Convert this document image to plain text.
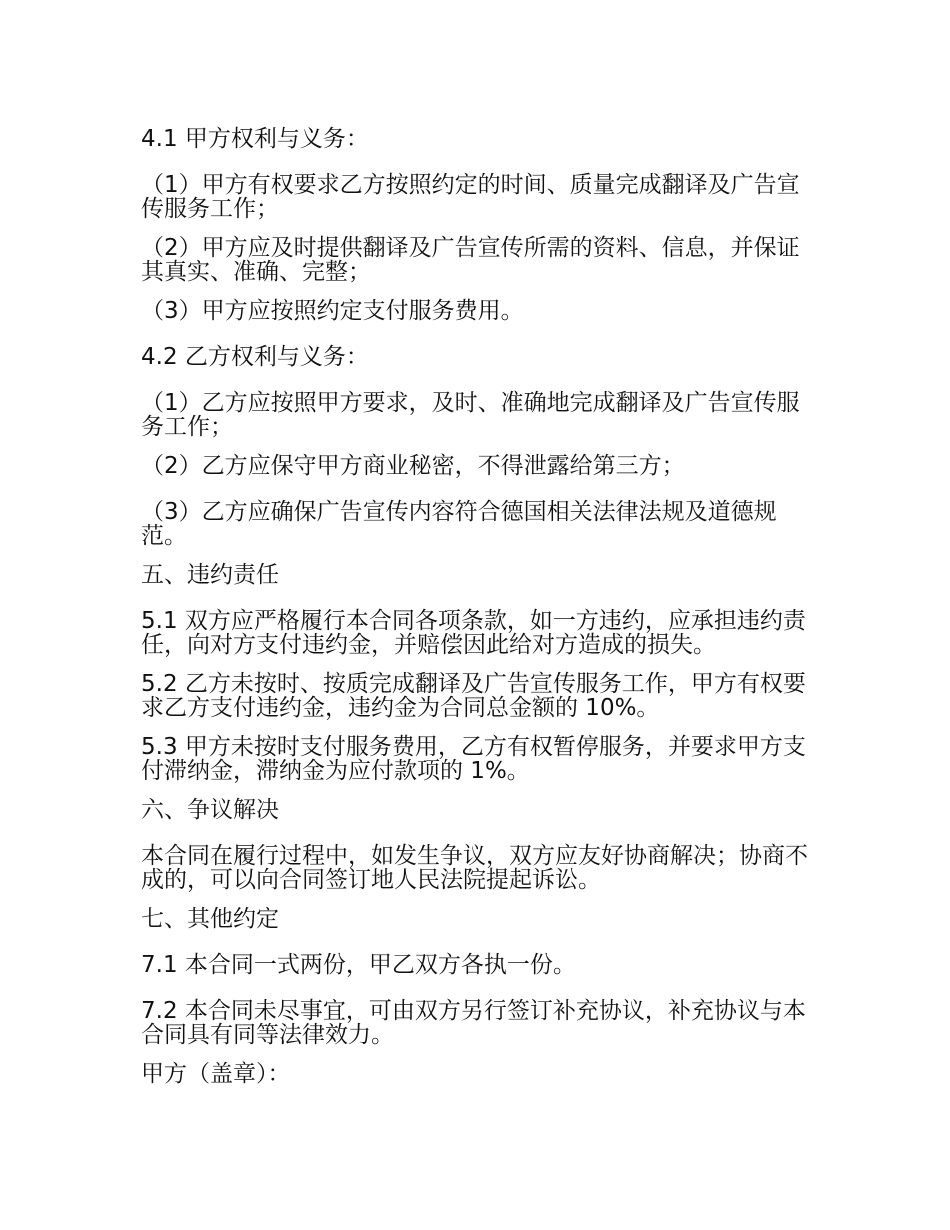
4.1 甲方权利与义务：

（1）甲方有权要求乙方按照约定的时间、质量完成翻译及广告宣传服务工作；

（2）甲方应及时提供翻译及广告宣传所需的资料、信息，并保证其真实、准确、完整；

（3）甲方应按照约定支付服务费用。

4.2 乙方权利与义务：

（1）乙方应按照甲方要求，及时、准确地完成翻译及广告宣传服务工作；

（2）乙方应保守甲方商业秘密，不得泄露给第三方；

（3）乙方应确保广告宣传内容符合德国相关法律法规及道德规范。

五、违约责任

5.1 双方应严格履行本合同各项条款，如一方违约，应承担违约责任，向对方支付违约金，并赔偿因此给对方造成的损失。

5.2 乙方未按时、按质完成翻译及广告宣传服务工作，甲方有权要求乙方支付违约金，违约金为合同总金额的 10%。

5.3 甲方未按时支付服务费用，乙方有权暂停服务，并要求甲方支付滞纳金，滞纳金为应付款项的 1%。

六、争议解决

本合同在履行过程中，如发生争议，双方应友好协商解决；协商不成的，可以向合同签订地人民法院提起诉讼。

七、其他约定

7.1 本合同一式两份，甲乙双方各执一份。

7.2 本合同未尽事宜，可由双方另行签订补充协议，补充协议与本合同具有同等法律效力。

甲方（盖章）：
